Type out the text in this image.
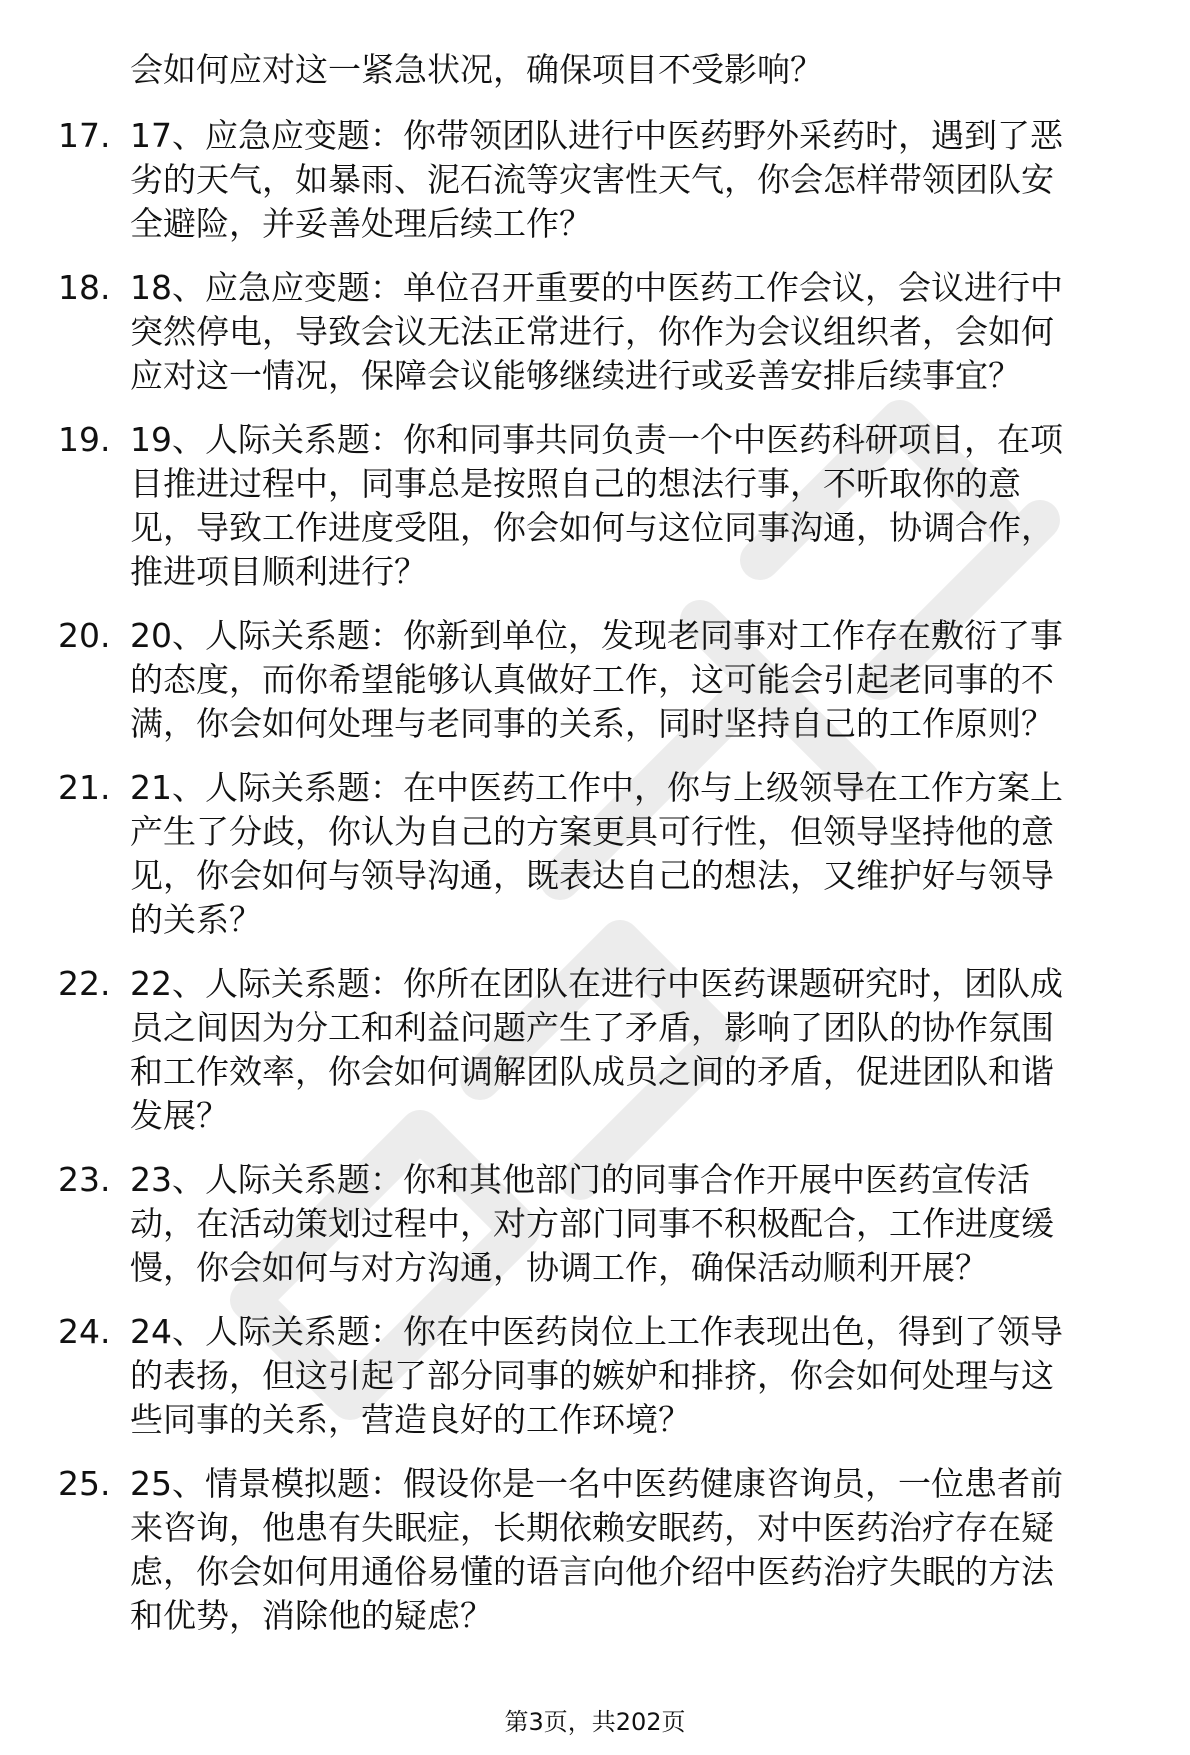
会如何应对这一紧急状况，确保项目不受影响？
17. 17、应急应变题：你带领团队进行中医药野外采药时，遇到了恶
劣的天气，如暴雨、泥石流等灾害性天气，你会怎样带领团队安
全避险，并妥善处理后续工作？
18. 18、应急应变题：单位召开重要的中医药工作会议，会议进行中
突然停电，导致会议无法正常进行，你作为会议组织者，会如何
应对这一情况，保障会议能够继续进行或妥善安排后续事宜？
19. 19、人际关系题：你和同事共同负责一个中医药科研项目，在项
目推进过程中，同事总是按照自己的想法行事，不听取你的意
见，导致工作进度受阻，你会如何与这位同事沟通，协调合作，
推进项目顺利进行？
20. 20、人际关系题：你新到单位，发现老同事对工作存在敷衍了事
的态度，而你希望能够认真做好工作，这可能会引起老同事的不
满，你会如何处理与老同事的关系，同时坚持自己的工作原则？
21. 21、人际关系题：在中医药工作中，你与上级领导在工作方案上
产生了分歧，你认为自己的方案更具可行性，但领导坚持他的意
见，你会如何与领导沟通，既表达自己的想法，又维护好与领导
的关系？
22. 22、人际关系题：你所在团队在进行中医药课题研究时，团队成
员之间因为分工和利益问题产生了矛盾，影响了团队的协作氛围
和工作效率，你会如何调解团队成员之间的矛盾，促进团队和谐
发展？
23. 23、人际关系题：你和其他部门的同事合作开展中医药宣传活
动，在活动策划过程中，对方部门同事不积极配合，工作进度缓
慢，你会如何与对方沟通，协调工作，确保活动顺利开展？
24. 24、人际关系题：你在中医药岗位上工作表现出色，得到了领导
的表扬，但这引起了部分同事的嫉妒和排挤，你会如何处理与这
些同事的关系，营造良好的工作环境？
25. 25、情景模拟题：假设你是一名中医药健康咨询员，一位患者前
来咨询，他患有失眠症，长期依赖安眠药，对中医药治疗存在疑
虑，你会如何用通俗易懂的语言向他介绍中医药治疗失眠的方法
和优势，消除他的疑虑？
第3页，共202页
